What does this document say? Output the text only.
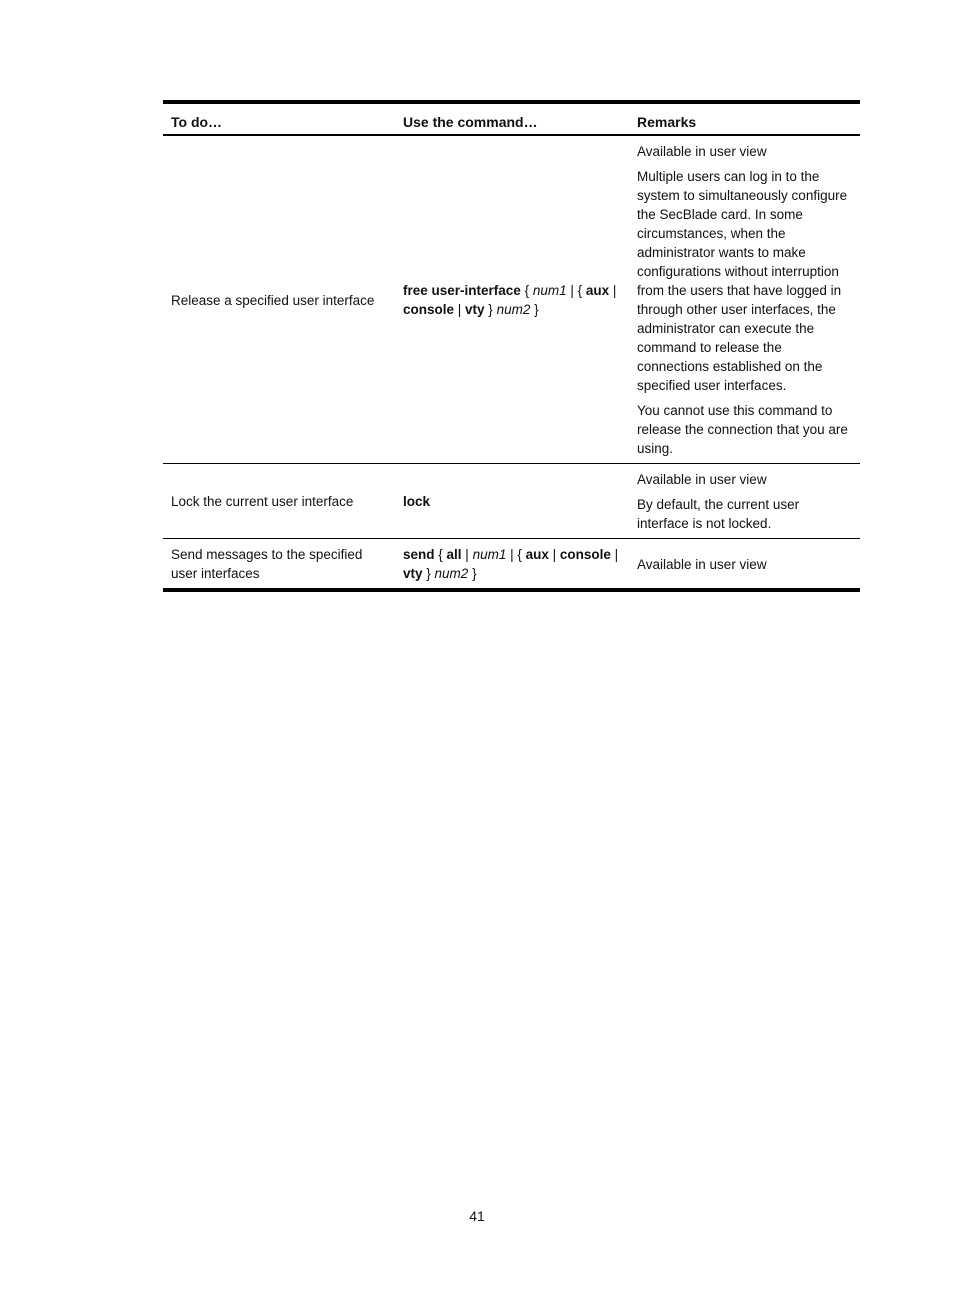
To do…	Use the command…	Remarks
Release a specified user interface	free user-interface { num1 | { aux | console | vty } num2 }	Available in user view

Multiple users can log in to the system to simultaneously configure the SecBlade card. In some circumstances, when the administrator wants to make configurations without interruption from the users that have logged in through other user interfaces, the administrator can execute the command to release the connections established on the specified user interfaces.

You cannot use this command to release the connection that you are using.

Lock the current user interface	lock	Available in user view

By default, the current user interface is not locked.

Send messages to the specified user interfaces	send { all | num1 | { aux | console | vty } num2 }	Available in user view

41
